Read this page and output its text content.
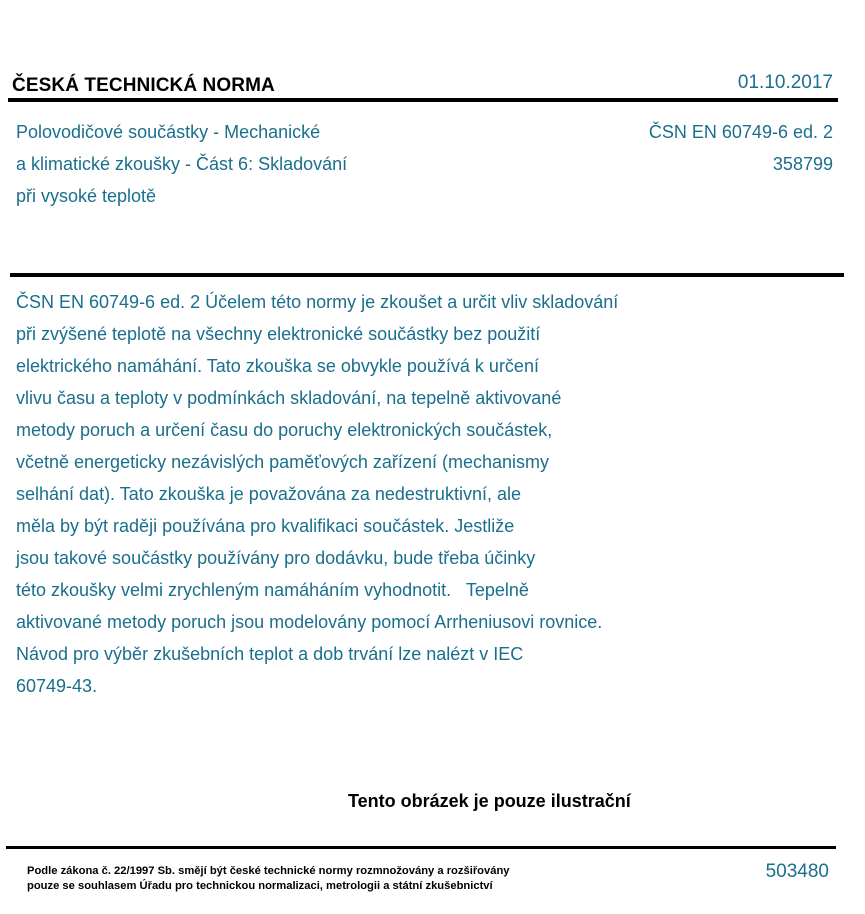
ČESKÁ TECHNICKÁ NORMA	01.10.2017
Polovodičové součástky - Mechanické
a klimatické zkoušky - Část 6: Skladování
při vysoké teplotě
ČSN EN 60749-6 ed. 2
358799
ČSN EN 60749-6 ed. 2 Účelem této normy je zkoušet a určit vliv skladování
při zvýšené teplotě na všechny elektronické součástky bez použití
elektrického namáhání. Tato zkouška se obvykle používá k určení
vlivu času a teploty v podmínkách skladování, na tepelně aktivované
metody poruch a určení času do poruchy elektronických součástek,
včetně energeticky nezávislých paměťových zařízení (mechanismy
selhání dat). Tato zkouška je považována za nedestruktivní, ale
měla by být raději používána pro kvalifikaci součástek. Jestliže
jsou takové součástky používány pro dodávku, bude třeba účinky
této zkoušky velmi zrychleným namáháním vyhodnotit.   Tepelně
aktivované metody poruch jsou modelovány pomocí Arrheniusovi rovnice.
Návod pro výběr zkušebních teplot a dob trvání lze nalézt v IEC
60749-43.
Tento obrázek je pouze ilustrační
Podle zákona č. 22/1997 Sb. smějí být české technické normy rozmnožovány a rozšiřovány
pouze se souhlasem Úřadu pro technickou normalizaci, metrologii a státní zkušebnictví
503480
